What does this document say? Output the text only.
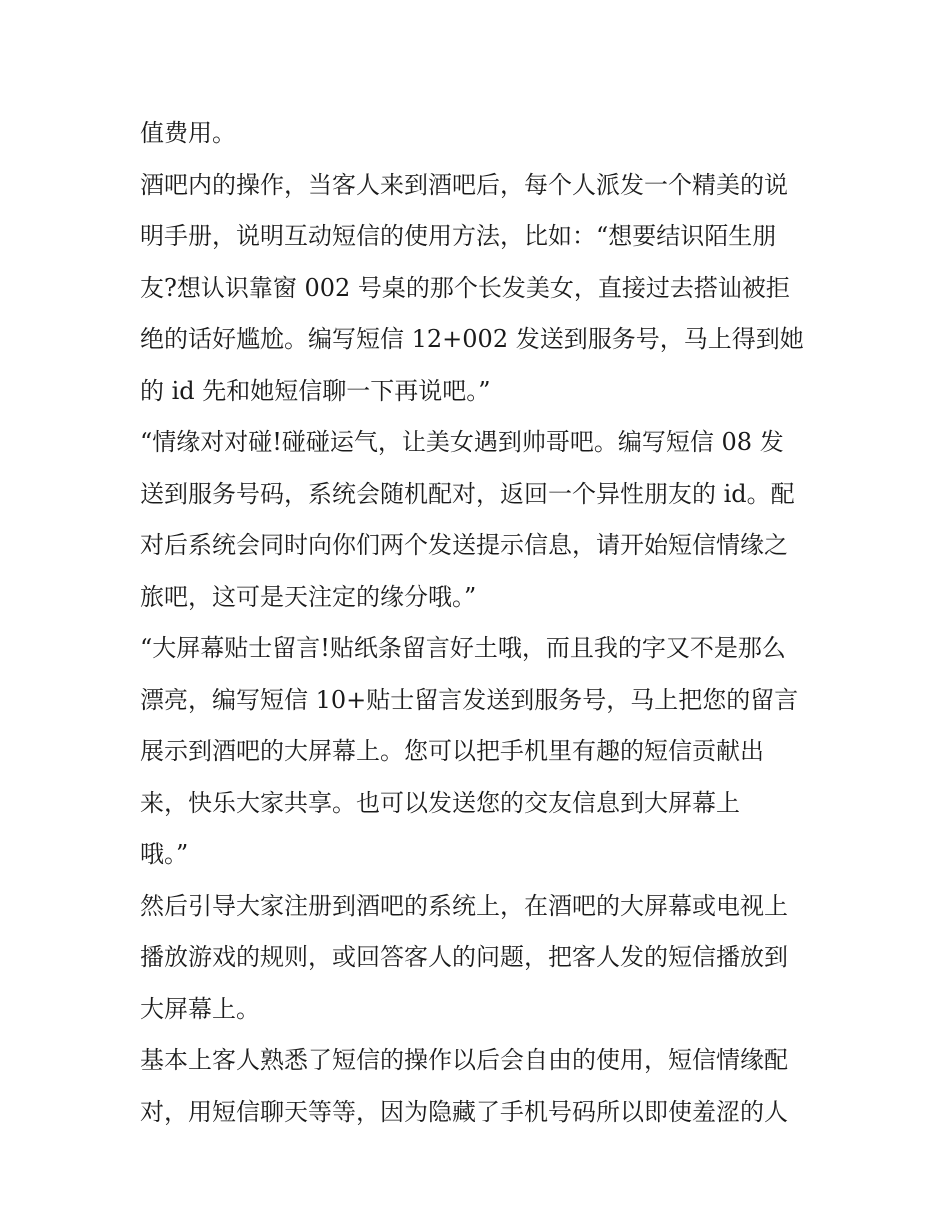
值费用。
酒吧内的操作，当客人来到酒吧后，每个人派发一个精美的说
明手册，说明互动短信的使用方法，比如：“想要结识陌生朋
友?想认识靠窗 002 号桌的那个长发美女，直接过去搭讪被拒
绝的话好尴尬。编写短信 12+002 发送到服务号，马上得到她
的 id 先和她短信聊一下再说吧。”
“情缘对对碰!碰碰运气，让美女遇到帅哥吧。编写短信 08 发
送到服务号码，系统会随机配对，返回一个异性朋友的 id。配
对后系统会同时向你们两个发送提示信息，请开始短信情缘之
旅吧，这可是天注定的缘分哦。”
“大屏幕贴士留言!贴纸条留言好土哦，而且我的字又不是那么
漂亮，编写短信 10+贴士留言发送到服务号，马上把您的留言
展示到酒吧的大屏幕上。您可以把手机里有趣的短信贡献出
来，快乐大家共享。也可以发送您的交友信息到大屏幕上
哦。”
然后引导大家注册到酒吧的系统上，在酒吧的大屏幕或电视上
播放游戏的规则，或回答客人的问题，把客人发的短信播放到
大屏幕上。
基本上客人熟悉了短信的操作以后会自由的使用，短信情缘配
对，用短信聊天等等，因为隐藏了手机号码所以即使羞涩的人
